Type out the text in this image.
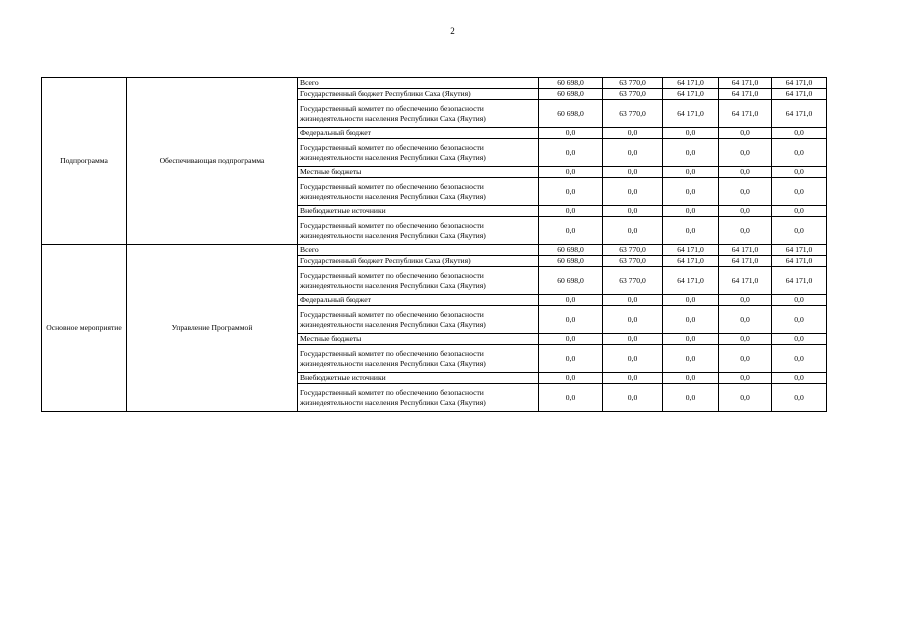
2
Подпрограмма	Обеспечивающая подпрограмма	Всего	60 698,0	63 770,0	64 171,0	64 171,0	64 171,0
		Государственный бюджет Республики Саха (Якутия)	60 698,0	63 770,0	64 171,0	64 171,0	64 171,0
		Государственный комитет по обеспечению безопасности жизнедеятельности населения Республики Саха (Якутия)	60 698,0	63 770,0	64 171,0	64 171,0	64 171,0
		Федеральный бюджет	0,0	0,0	0,0	0,0	0,0
		Государственный комитет по обеспечению безопасности жизнедеятельности населения Республики Саха (Якутия)	0,0	0,0	0,0	0,0	0,0
		Местные бюджеты	0,0	0,0	0,0	0,0	0,0
		Государственный комитет по обеспечению безопасности жизнедеятельности населения Республики Саха (Якутия)	0,0	0,0	0,0	0,0	0,0
		Внебюджетные источники	0,0	0,0	0,0	0,0	0,0
		Государственный комитет по обеспечению безопасности жизнедеятельности населения Республики Саха (Якутия)	0,0	0,0	0,0	0,0	0,0
Основное мероприятие	Управление Программой	Всего	60 698,0	63 770,0	64 171,0	64 171,0	64 171,0
		Государственный бюджет Республики Саха (Якутия)	60 698,0	63 770,0	64 171,0	64 171,0	64 171,0
		Государственный комитет по обеспечению безопасности жизнедеятельности населения Республики Саха (Якутия)	60 698,0	63 770,0	64 171,0	64 171,0	64 171,0
		Федеральный бюджет	0,0	0,0	0,0	0,0	0,0
		Государственный комитет по обеспечению безопасности жизнедеятельности населения Республики Саха (Якутия)	0,0	0,0	0,0	0,0	0,0
		Местные бюджеты	0,0	0,0	0,0	0,0	0,0
		Государственный комитет по обеспечению безопасности жизнедеятельности населения Республики Саха (Якутия)	0,0	0,0	0,0	0,0	0,0
		Внебюджетные источники	0,0	0,0	0,0	0,0	0,0
		Государственный комитет по обеспечению безопасности жизнедеятельности населения Республики Саха (Якутия)	0,0	0,0	0,0	0,0	0,0
